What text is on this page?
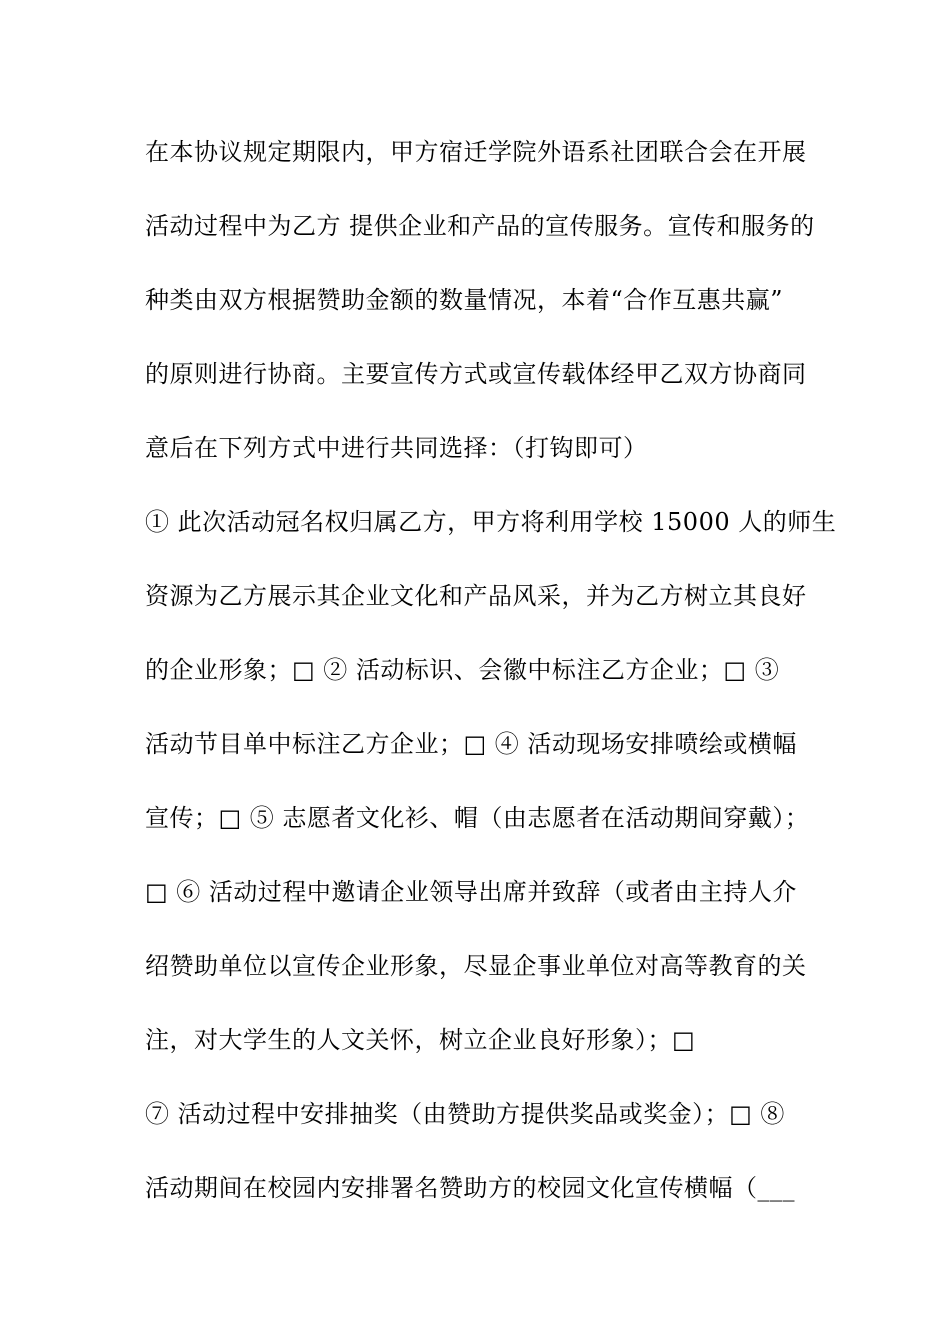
在本协议规定期限内，甲方宿迁学院外语系社团联合会在开展
活动过程中为乙方 提供企业和产品的宣传服务。宣传和服务的
种类由双方根据赞助金额的数量情况，本着“合作互惠共赢”
的原则进行协商。主要宣传方式或宣传载体经甲乙双方协商同
意后在下列方式中进行共同选择：（打钩即可）
① 此次活动冠名权归属乙方，甲方将利用学校 15000 人的师生
资源为乙方展示其企业文化和产品风采，并为乙方树立其良好
的企业形象；□ ② 活动标识、会徽中标注乙方企业；□ ③
活动节目单中标注乙方企业；□ ④ 活动现场安排喷绘或横幅
宣传；□ ⑤ 志愿者文化衫、帽（由志愿者在活动期间穿戴）；
□ ⑥ 活动过程中邀请企业领导出席并致辞（或者由主持人介
绍赞助单位以宣传企业形象，尽显企事业单位对高等教育的关
注，对大学生的人文关怀，树立企业良好形象）；□
⑦ 活动过程中安排抽奖（由赞助方提供奖品或奖金）；□ ⑧
活动期间在校园内安排署名赞助方的校园文化宣传横幅（___
